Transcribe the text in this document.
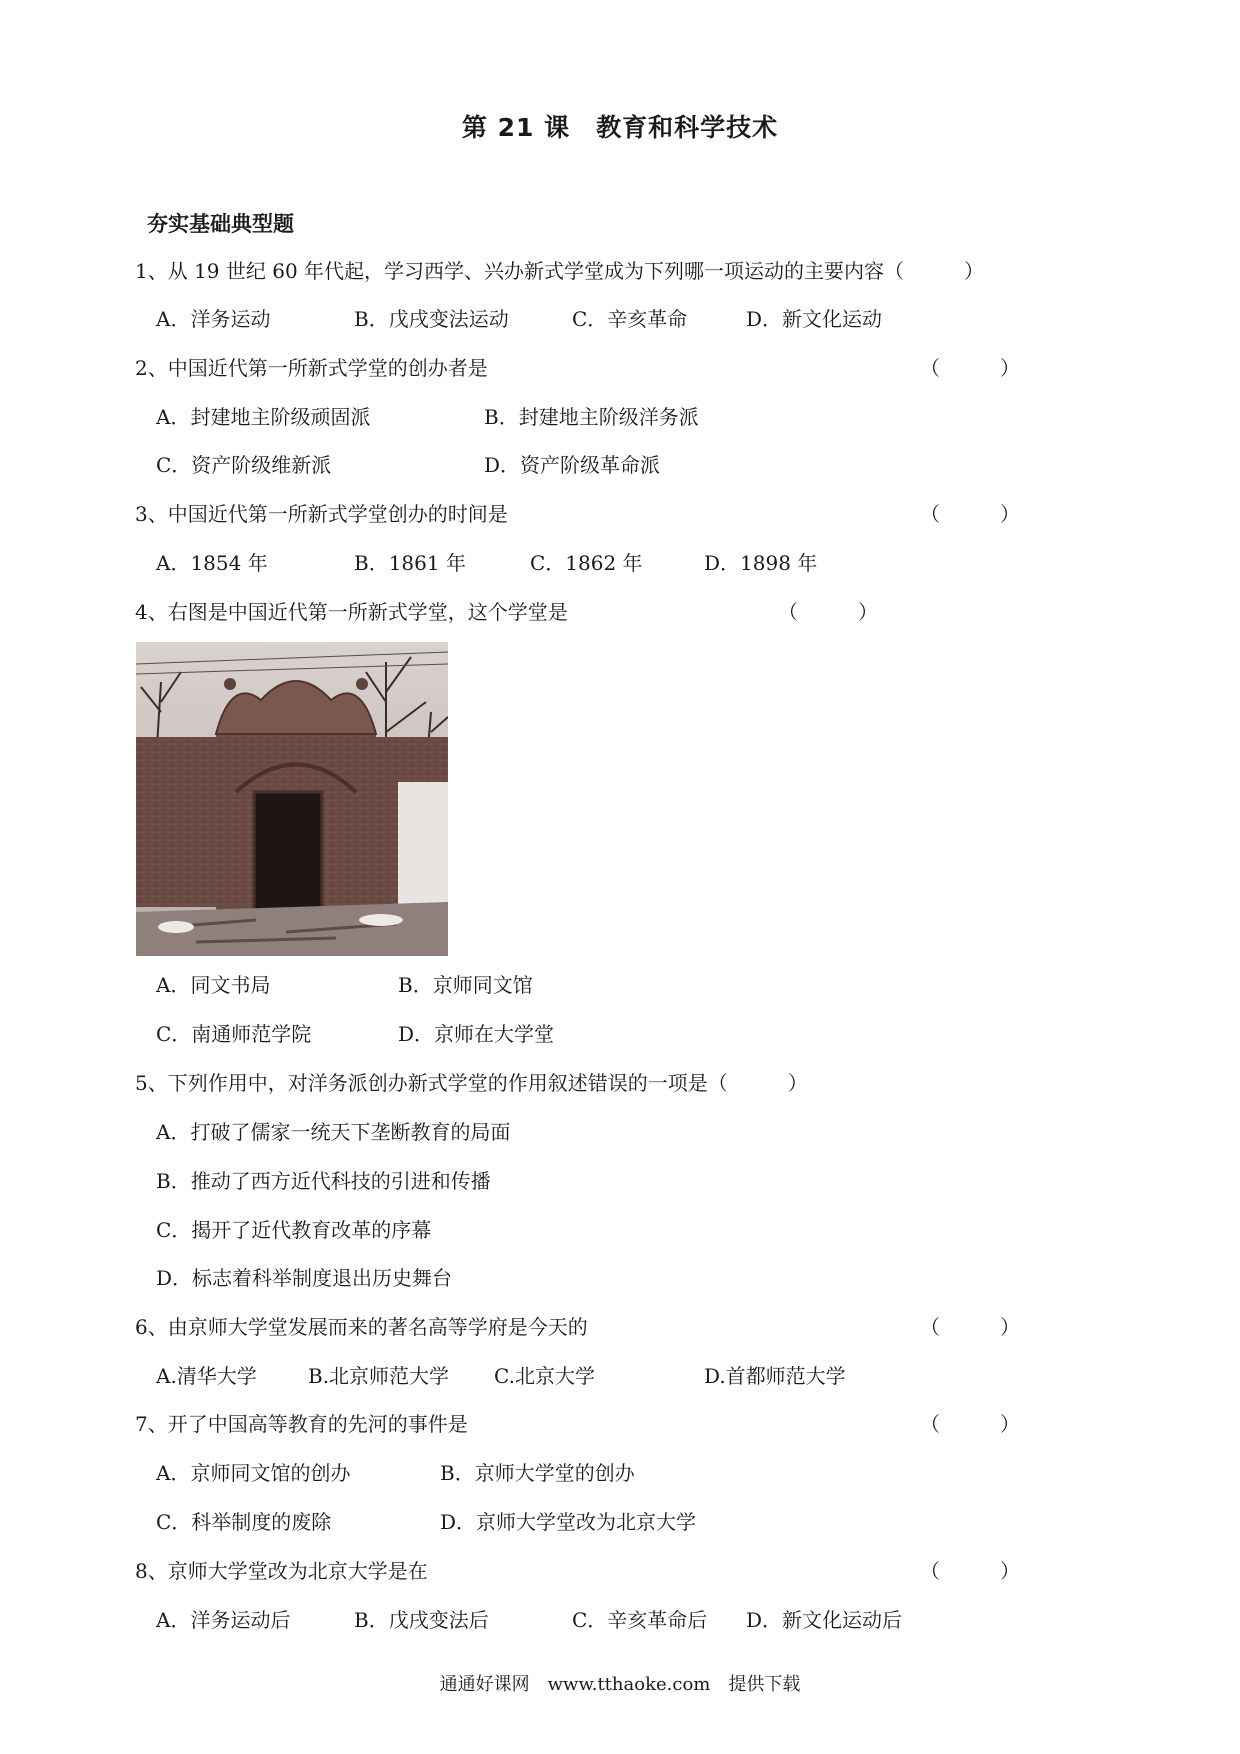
第 21 课　教育和科学技术
夯实基础典型题
1、从 19 世纪 60 年代起，学习西学、兴办新式学堂成为下列哪一项运动的主要内容（　　　）
A．洋务运动	B．戊戌变法运动	C．辛亥革命	D．新文化运动
2、中国近代第一所新式学堂的创办者是	（　　　）
A．封建地主阶级顽固派	B．封建地主阶级洋务派
C．资产阶级维新派	D．资产阶级革命派
3、中国近代第一所新式学堂创办的时间是	（　　　）
A．1854 年	B．1861 年	C．1862 年	D．1898 年
4、右图是中国近代第一所新式学堂，这个学堂是	（　　　）
A．同文书局	B．京师同文馆
C．南通师范学院	D．京师在大学堂
5、下列作用中，对洋务派创办新式学堂的作用叙述错误的一项是（　　　）
A．打破了儒家一统天下垄断教育的局面
B．推动了西方近代科技的引进和传播
C．揭开了近代教育改革的序幕
D．标志着科举制度退出历史舞台
6、由京师大学堂发展而来的著名高等学府是今天的	（　　　）
A.清华大学	B.北京师范大学 C.北京大学	D.首都师范大学
7、开了中国高等教育的先河的事件是	（　　　）
A．京师同文馆的创办	B．京师大学堂的创办
C．科举制度的废除	D．京师大学堂改为北京大学
8、京师大学堂改为北京大学是在	（　　　）
A．洋务运动后	B．戊戌变法后	C．辛亥革命后 D．新文化运动后
通通好课网　www.tthaoke.com　提供下载
